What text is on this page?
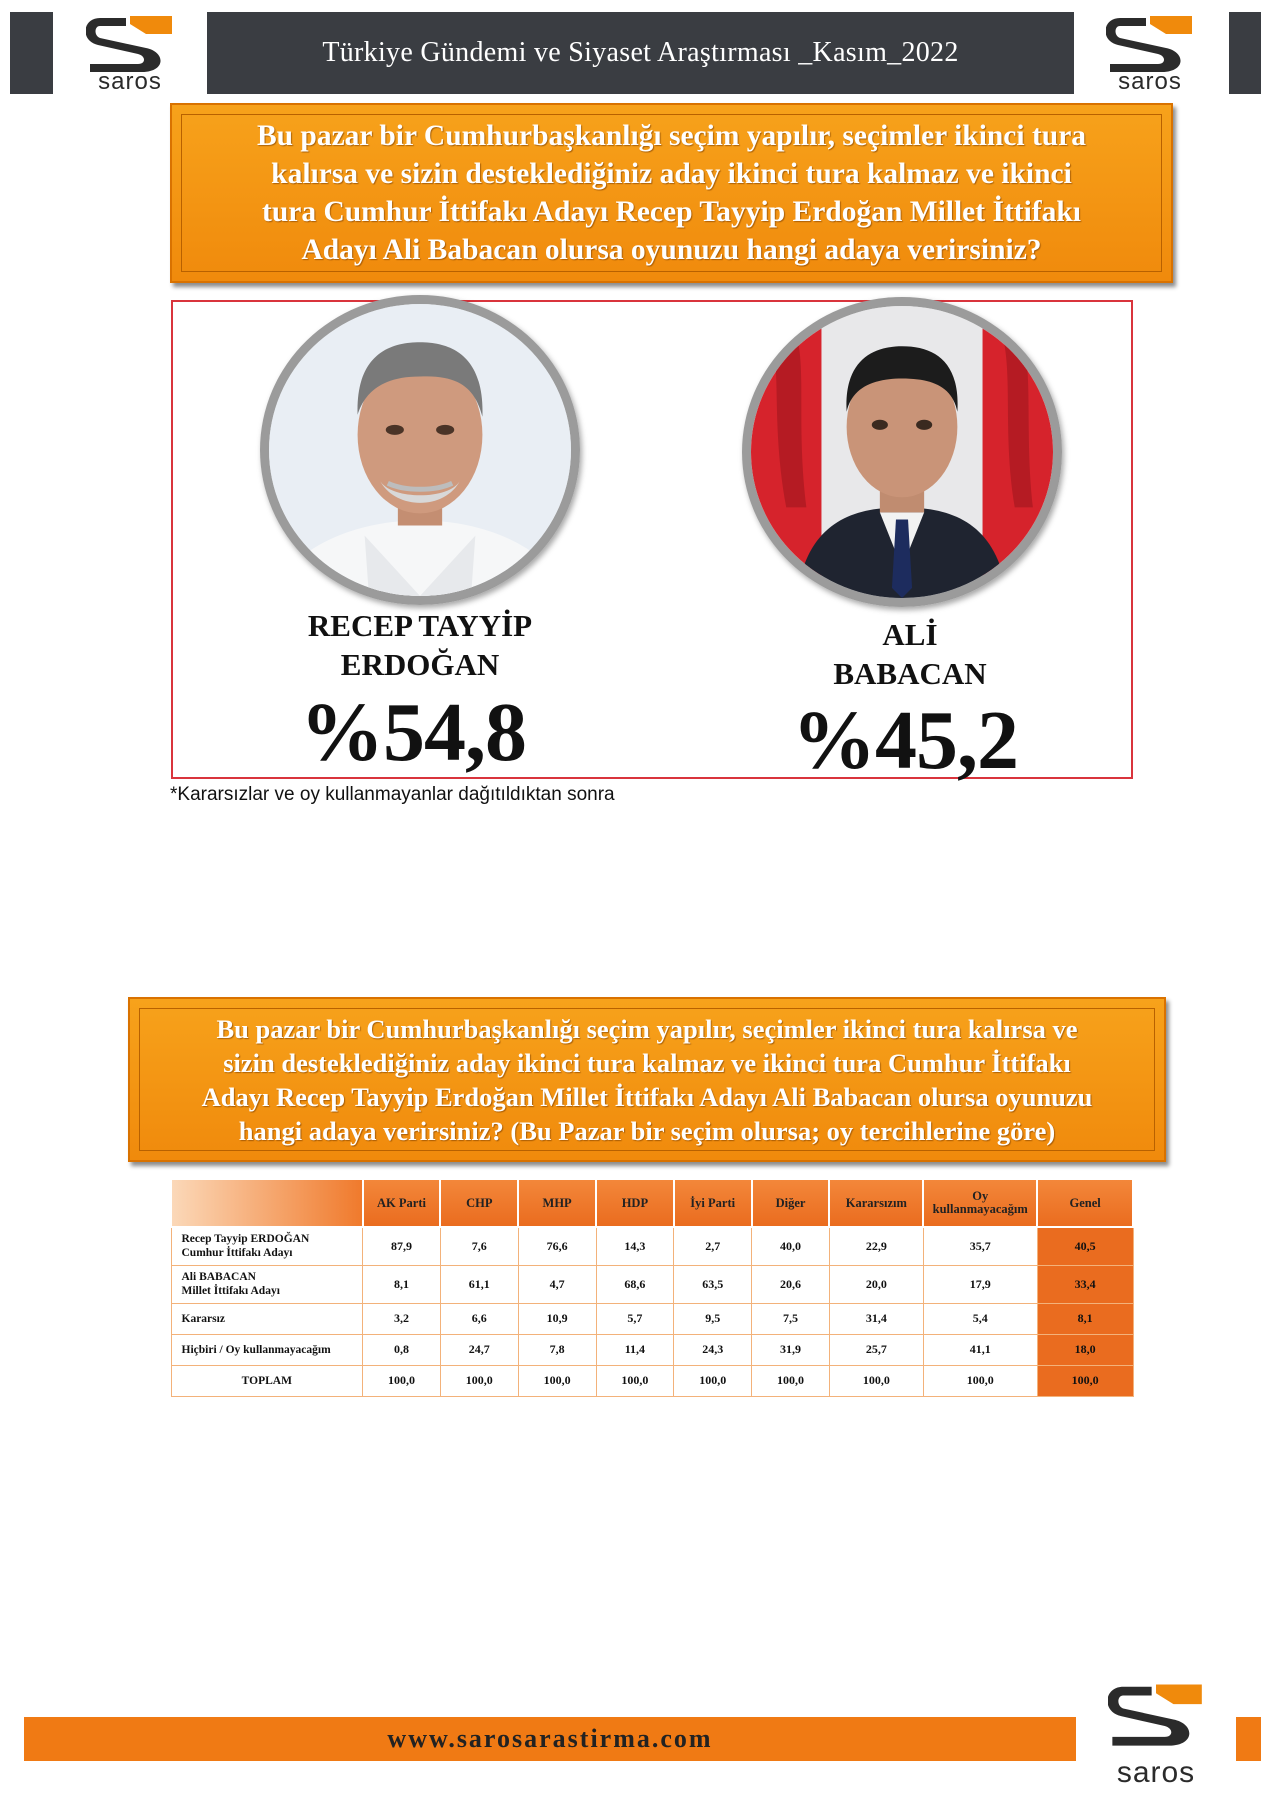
saros
Türkiye Gündemi ve Siyaset Araştırması _Kasım_2022
saros
Bu pazar bir Cumhurbaşkanlığı seçim yapılır, seçimler ikinci tura
kalırsa ve sizin desteklediğiniz aday ikinci tura kalmaz ve ikinci
tura Cumhur İttifakı Adayı Recep Tayyip Erdoğan Millet İttifakı
Adayı Ali Babacan olursa oyunuzu hangi adaya verirsiniz?
RECEP TAYYİP
ERDOĞAN
ALİ
BABACAN
%54,8	%45,2
*Kararsızlar ve oy kullanmayanlar dağıtıldıktan sonra
Bu pazar bir Cumhurbaşkanlığı seçim yapılır, seçimler ikinci tura kalırsa ve
sizin desteklediğiniz aday ikinci tura kalmaz ve ikinci tura Cumhur İttifakı
Adayı Recep Tayyip Erdoğan Millet İttifakı Adayı Ali Babacan olursa oyunuzu
hangi adaya verirsiniz? (Bu Pazar bir seçim olursa; oy tercihlerine göre)
	AK Parti	CHP	MHP	HDP	İyi Parti	Diğer	Kararsızım	Oy
kullanmayacağım	Genel

Recep Tayyip ERDOĞAN
Cumhur İttifakı Adayı	87,9	7,6	76,6	14,3	2,7	40,0	22,9	35,7	40,5

Ali BABACAN
Millet İttifakı Adayı	8,1	61,1	4,7	68,6	63,5	20,6	20,0	17,9	33,4

Kararsız	3,2	6,6	10,9	5,7	9,5	7,5	31,4	5,4	8,1

Hiçbiri / Oy kullanmayacağım	0,8	24,7	7,8	11,4	24,3	31,9	25,7	41,1	18,0

TOPLAM	100,0	100,0	100,0	100,0	100,0	100,0	100,0	100,0	100,0
www.sarosarastirma.com
saros
